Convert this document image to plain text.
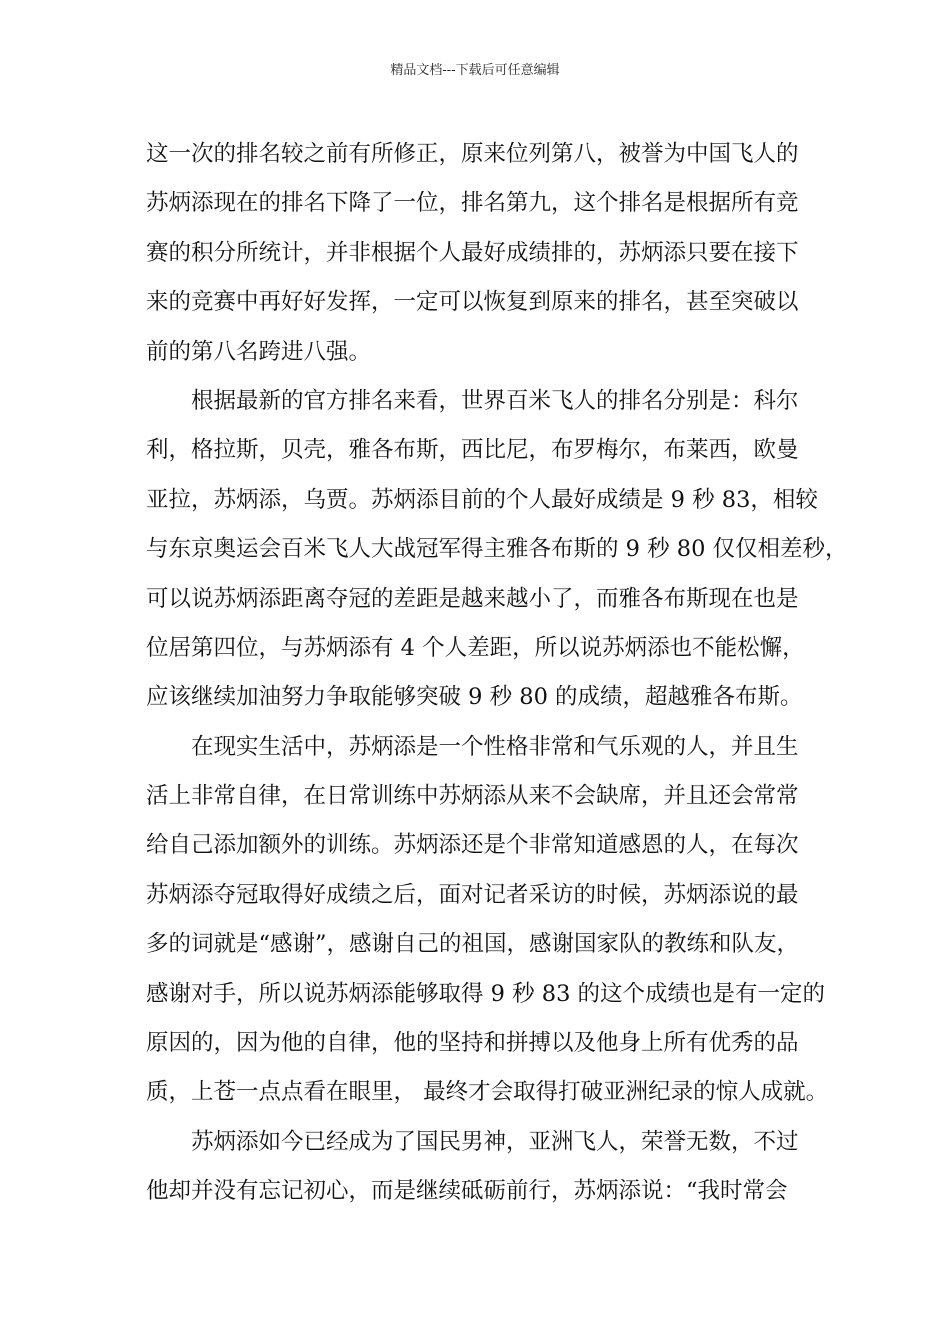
精品文档---下载后可任意编辑
这一次的排名较之前有所修正，原来位列第八，被誉为中国飞人的
苏炳添现在的排名下降了一位，排名第九，这个排名是根据所有竞
赛的积分所统计，并非根据个人最好成绩排的，苏炳添只要在接下
来的竞赛中再好好发挥，一定可以恢复到原来的排名，甚至突破以
前的第八名跨进八强。
根据最新的官方排名来看，世界百米飞人的排名分别是：科尔
利，格拉斯，贝壳，雅各布斯，西比尼，布罗梅尔，布莱西，欧曼
亚拉，苏炳添，乌贾。苏炳添目前的个人最好成绩是 9 秒 83，相较
与东京奥运会百米飞人大战冠军得主雅各布斯的 9 秒 80 仅仅相差秒，
可以说苏炳添距离夺冠的差距是越来越小了，而雅各布斯现在也是
位居第四位，与苏炳添有 4 个人差距，所以说苏炳添也不能松懈，
应该继续加油努力争取能够突破 9 秒 80 的成绩，超越雅各布斯。
在现实生活中，苏炳添是一个性格非常和气乐观的人，并且生
活上非常自律，在日常训练中苏炳添从来不会缺席，并且还会常常
给自己添加额外的训练。苏炳添还是个非常知道感恩的人，在每次
苏炳添夺冠取得好成绩之后，面对记者采访的时候，苏炳添说的最
多的词就是“感谢”，感谢自己的祖国，感谢国家队的教练和队友，
感谢对手，所以说苏炳添能够取得 9 秒 83 的这个成绩也是有一定的
原因的，因为他的自律，他的坚持和拼搏以及他身上所有优秀的品
质，上苍一点点看在眼里， 最终才会取得打破亚洲纪录的惊人成就。
苏炳添如今已经成为了国民男神，亚洲飞人，荣誉无数，不过
他却并没有忘记初心，而是继续砥砺前行，苏炳添说：“我时常会
